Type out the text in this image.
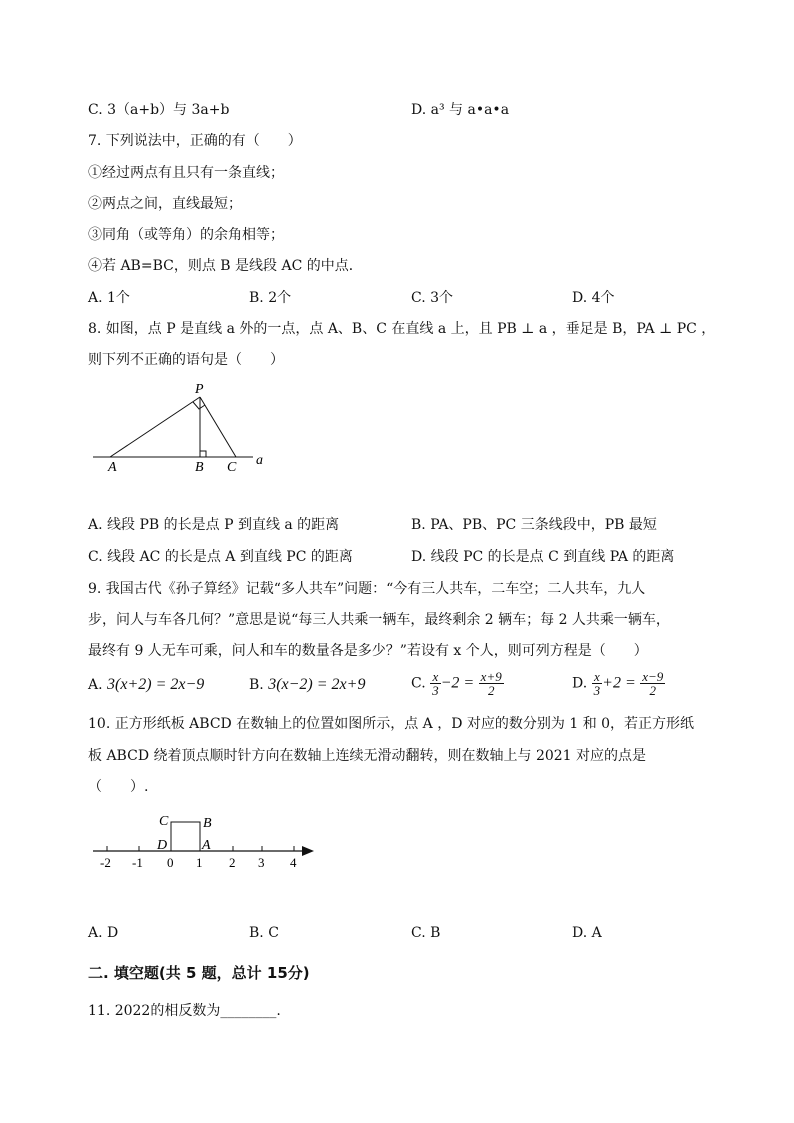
C. 3（a+b）与 3a+b	D. a³ 与 a•a•a
7. 下列说法中，正确的有（　　）
①经过两点有且只有一条直线；
②两点之间，直线最短；
③同角（或等角）的余角相等；
④若 AB=BC，则点 B 是线段 AC 的中点．
A. 1个	B. 2个	C. 3个	D. 4个
8. 如图，点 P 是直线 a 外的一点，点 A、B、C 在直线 a 上，且 PB ⊥ a ，垂足是 B，PA ⊥ PC ，
则下列不正确的语句是（　　）
P
A	B C a
A. 线段 PB 的长是点 P 到直线 a 的距离	B. PA、PB、PC 三条线段中，PB 最短
C. 线段 AC 的长是点 A 到直线 PC 的距离	D. 线段 PC 的长是点 C 到直线 PA 的距离
9. 我国古代《孙子算经》记载“多人共车”问题：“今有三人共车，二车空；二人共车，九人
步，问人与车各几何？”意思是说“每三人共乘一辆车，最终剩余 2 辆车；每 2 人共乘一辆车，
最终有 9 人无车可乘，问人和车的数量各是多少？”若设有 x 个人，则可列方程是（　　）
A. 3(x+2) = 2x−9	B. 3(x−2) = 2x+9	C. $\frac{x}{3} -2 = \frac{x+9}{2}$	D. $\frac{x}{3} +2 = \frac{x-9}{2}$
10. 正方形纸板 ABCD 在数轴上的位置如图所示，点 A ，D 对应的数分别为 1 和 0，若正方形纸
板 ABCD 绕着顶点顺时针方向在数轴上连续无滑动翻转，则在数轴上与 2021 对应的点是
（　　）.
-2 -1 0 1 2 3 4
C B
D A
A. D	B. C	C. B	D. A
二. 填空题(共 5 题，总计 15分)
11. 2022的相反数为________.
